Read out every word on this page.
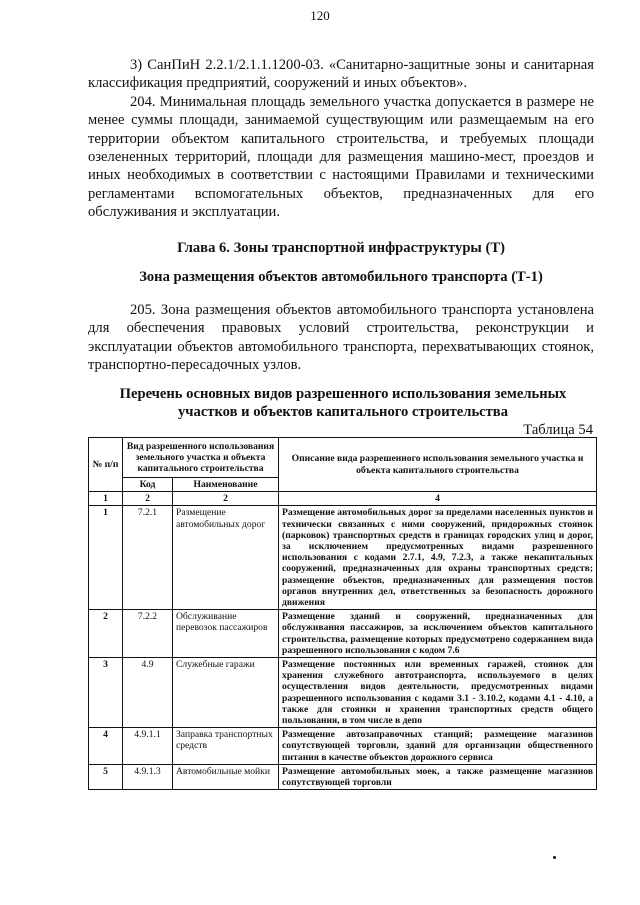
120
3) СанПиН 2.2.1/2.1.1.1200-03. «Санитарно-защитные зоны и санитарная классификация предприятий, сооружений и иных объектов».
204. Минимальная площадь земельного участка допускается в размере не менее суммы площади, занимаемой существующим или размещаемым на его территории объектом капитального строительства, и требуемых площади озелененных территорий, площади для размещения машино-мест, проездов и иных необходимых в соответствии с настоящими Правилами и техническими регламентами вспомогательных объектов, предназначенных для его обслуживания и эксплуатации.
Глава 6. Зоны транспортной инфраструктуры (Т)
Зона размещения объектов автомобильного транспорта (Т-1)
205. Зона размещения объектов автомобильного транспорта установлена для обеспечения правовых условий строительства, реконструкции и эксплуатации объектов автомобильного транспорта, перехватывающих стоянок, транспортно-пересадочных узлов.
Перечень основных видов разрешенного использования земельных участков и объектов капитального строительства
Таблица 54
№ п/п	Вид разрешенного использования земельного участка и объекта капитального строительства		Описание вида разрешенного использования земельного участка и объекта капитального строительства
	Код	Наименование	
1	2	2	4
1	7.2.1	Размещение автомобильных дорог	Размещение автомобильных дорог за пределами населенных пунктов и технически связанных с ними сооружений, придорожных стоянок (парковок) транспортных средств в границах городских улиц и дорог, за исключением предусмотренных видами разрешенного использования с кодами 2.7.1, 4.9, 7.2.3, а также некапитальных сооружений, предназначенных для охраны транспортных средств; размещение объектов, предназначенных для размещения постов органов внутренних дел, ответственных за безопасность дорожного движения
2	7.2.2	Обслуживание перевозок пассажиров	Размещение зданий и сооружений, предназначенных для обслуживания пассажиров, за исключением объектов капитального строительства, размещение которых предусмотрено содержанием вида разрешенного использования с кодом 7.6
3	4.9	Служебные гаражи	Размещение постоянных или временных гаражей, стоянок для хранения служебного автотранспорта, используемого в целях осуществления видов деятельности, предусмотренных видами разрешенного использования с кодами 3.1 - 3.10.2, кодами 4.1 - 4.10, а также для стоянки и хранения транспортных средств общего пользования, в том числе в депо
4	4.9.1.1	Заправка транспортных средств	Размещение автозаправочных станций; размещение магазинов сопутствующей торговли, зданий для организации общественного питания в качестве объектов дорожного сервиса
5	4.9.1.3	Автомобильные мойки	Размещение автомобильных моек, а также размещение магазинов сопутствующей торговли
